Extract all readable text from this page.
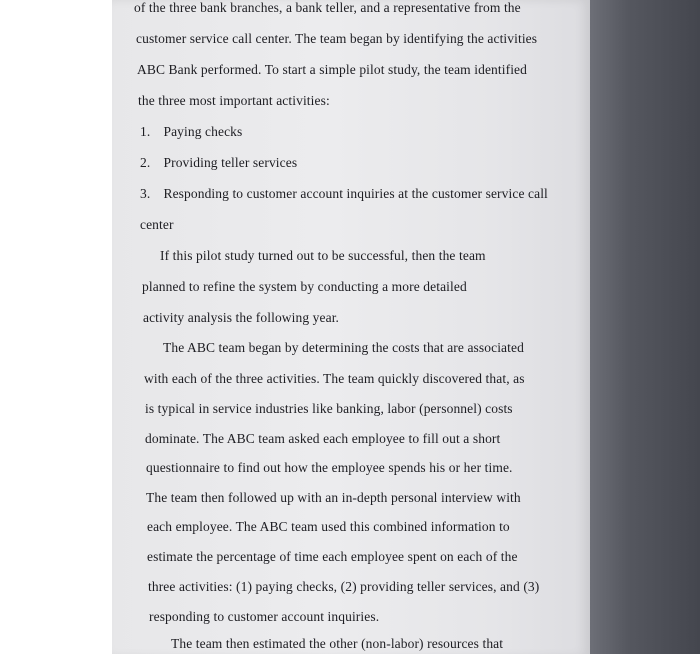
of the three bank branches, a bank teller, and a representative from the
customer service call center. The team began by identifying the activities
ABC Bank performed. To start a simple pilot study, the team identified
the three most important activities:
1. Paying checks
2. Providing teller services
3. Responding to customer account inquiries at the customer service call
center
If this pilot study turned out to be successful, then the team
planned to refine the system by conducting a more detailed
activity analysis the following year.
The ABC team began by determining the costs that are associated
with each of the three activities. The team quickly discovered that, as
is typical in service industries like banking, labor (personnel) costs
dominate. The ABC team asked each employee to fill out a short
questionnaire to find out how the employee spends his or her time.
The team then followed up with an in-depth personal interview with
each employee. The ABC team used this combined information to
estimate the percentage of time each employee spent on each of the
three activities: (1) paying checks, (2) providing teller services, and (3)
responding to customer account inquiries.
The team then estimated the other (non-labor) resources that
